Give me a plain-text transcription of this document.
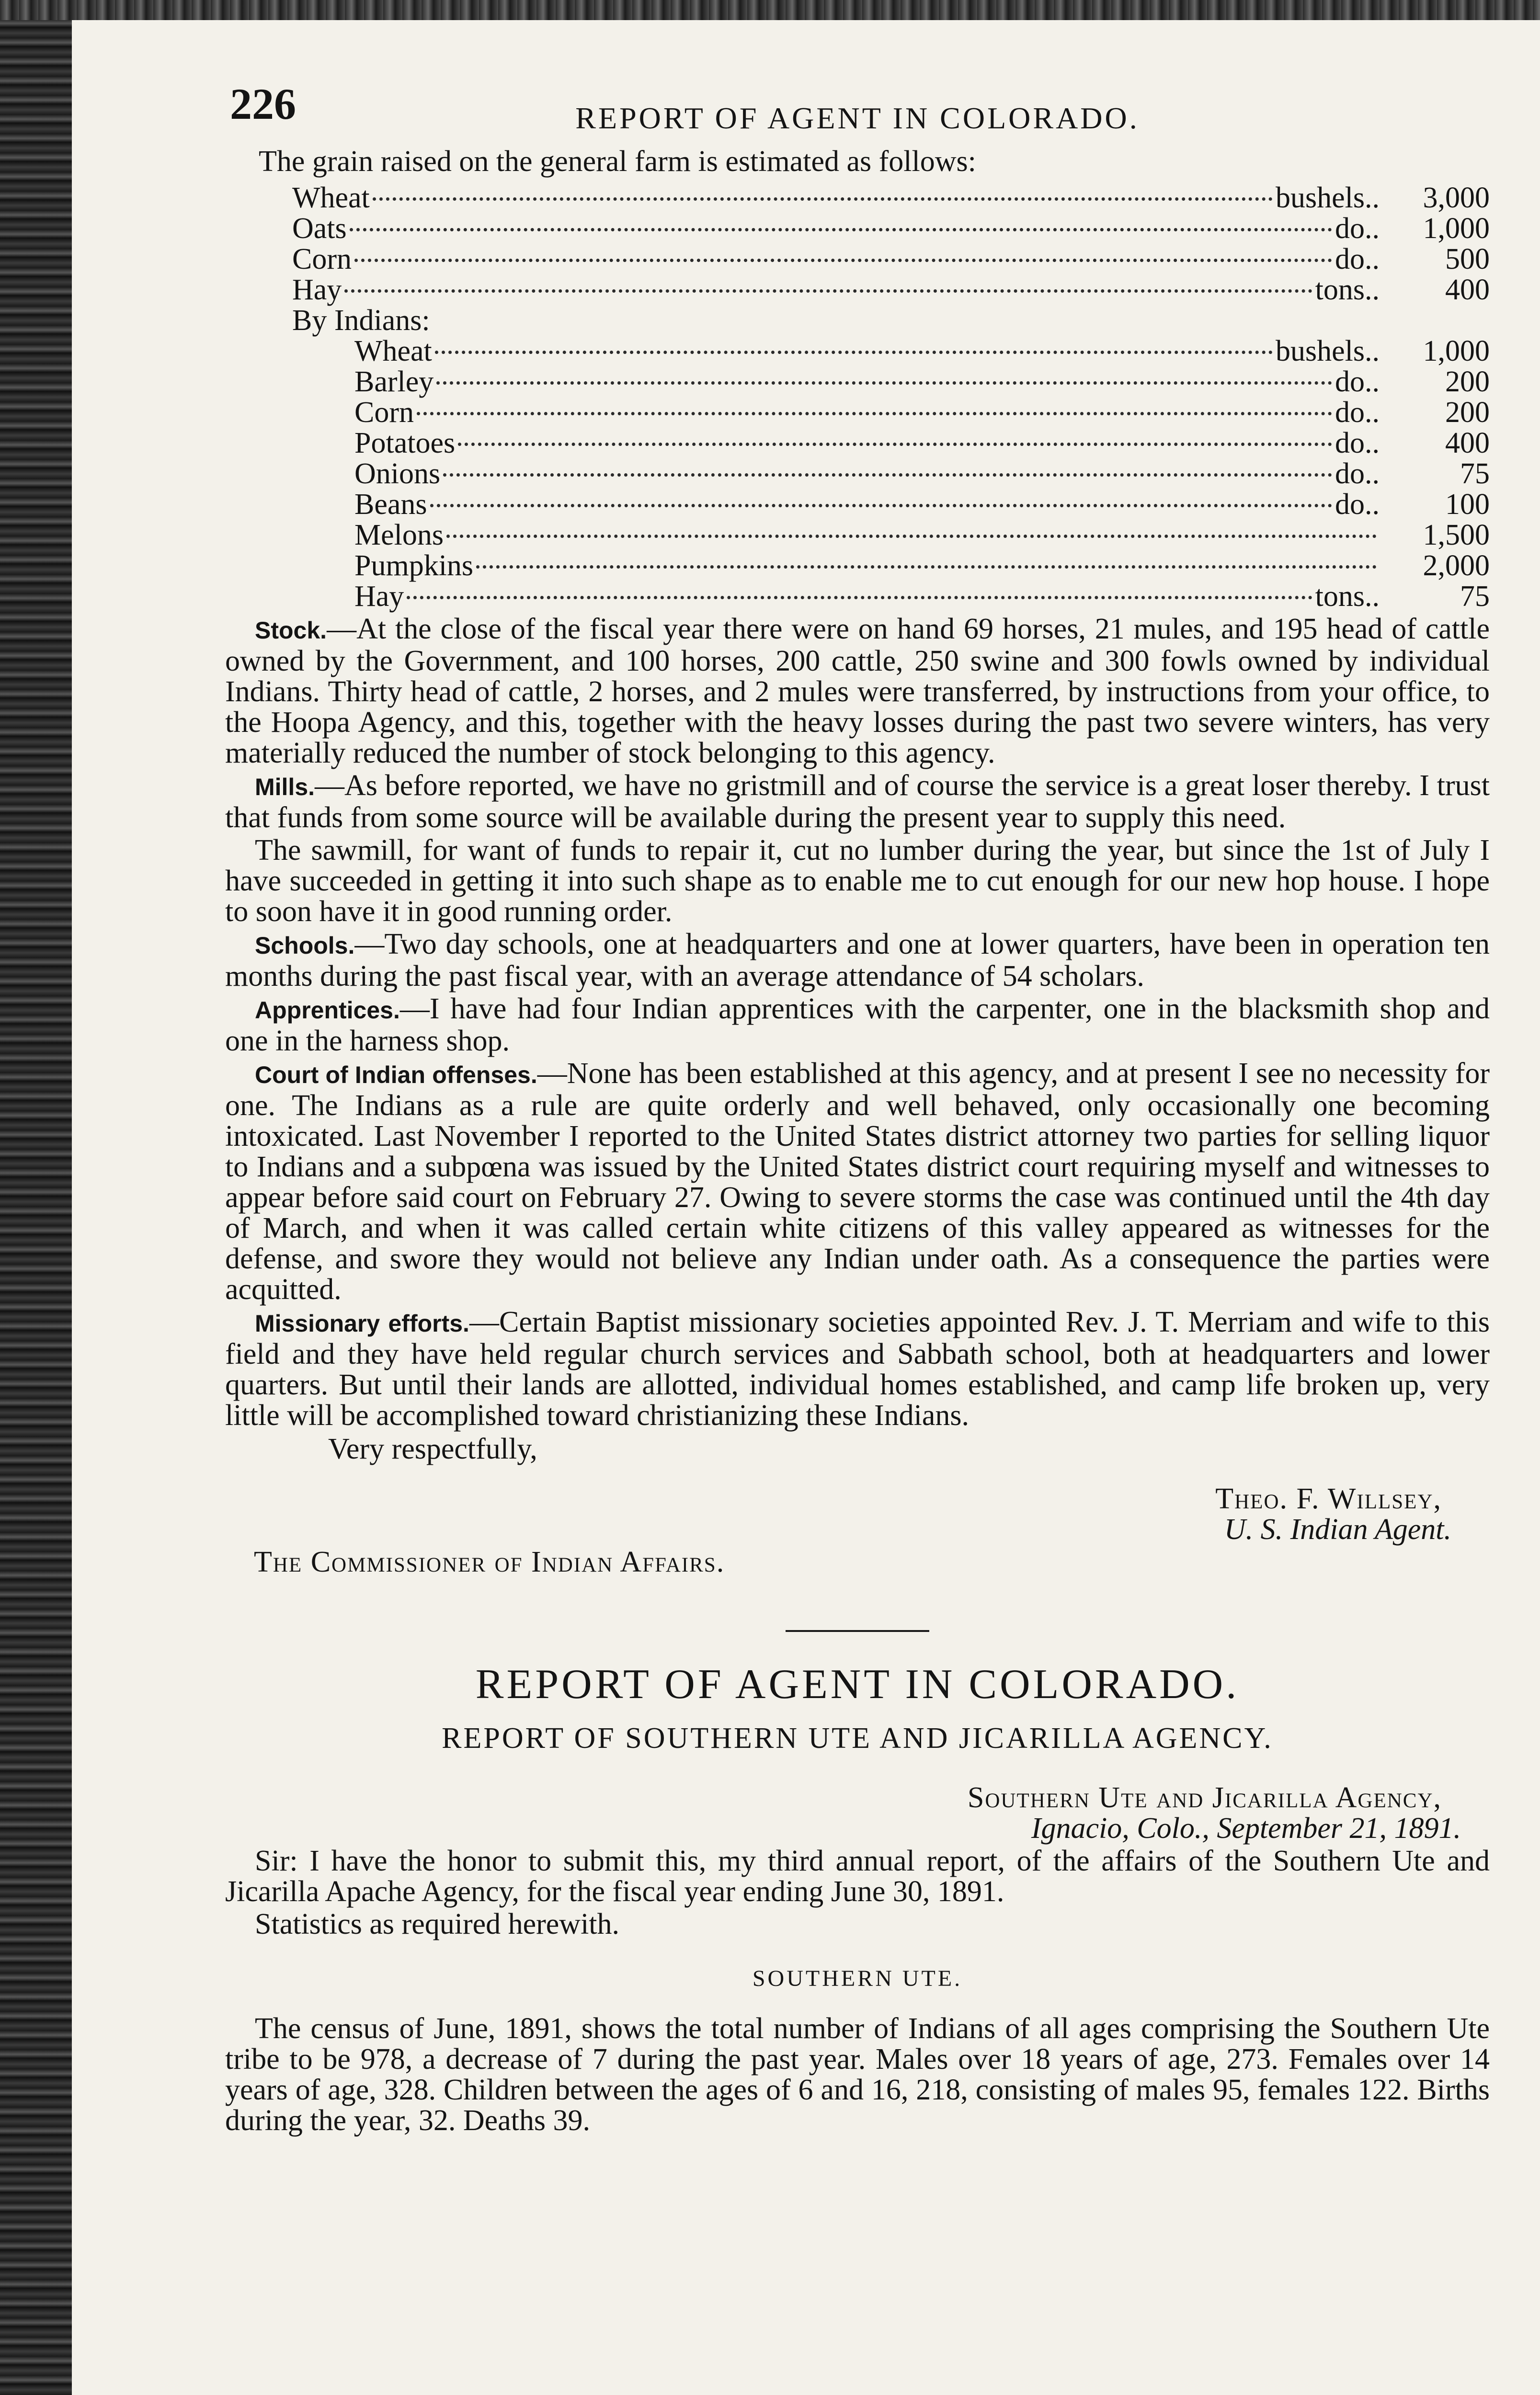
226	REPORT OF AGENT IN COLORADO.

The grain raised on the general farm is estimated as follows:

Wheat	bushels ..	3,000
Oats	do ..	1,000
Corn	do ..	500
Hay	tons ..	400
By Indians:
Wheat	bushels ..	1,000
Barley	do ..	200
Corn	do ..	200
Potatoes	do ..	400
Onions	do ..	75
Beans	do ..	100
Melons	1,500
Pumpkins	2,000
Hay	tons ..	75

Stock.—At the close of the fiscal year there were on hand 69 horses, 21 mules, and 195 head of cattle owned by the Government, and 100 horses, 200 cattle, 250 swine and 300 fowls owned by individual Indians. Thirty head of cattle, 2 horses, and 2 mules were transferred, by instructions from your office, to the Hoopa Agency, and this, together with the heavy losses during the past two severe winters, has very materially reduced the number of stock belonging to this agency.

Mills.—As before reported, we have no gristmill and of course the service is a great loser thereby. I trust that funds from some source will be available during the present year to supply this need.

The sawmill, for want of funds to repair it, cut no lumber during the year, but since the 1st of July I have succeeded in getting it into such shape as to enable me to cut enough for our new hop house. I hope to soon have it in good running order.

Schools.—Two day schools, one at headquarters and one at lower quarters, have been in operation ten months during the past fiscal year, with an average attendance of 54 scholars.

Apprentices.—I have had four Indian apprentices with the carpenter, one in the blacksmith shop and one in the harness shop.

Court of Indian offenses.—None has been established at this agency, and at present I see no necessity for one. The Indians as a rule are quite orderly and well behaved, only occasionally one becoming intoxicated. Last November I reported to the United States district attorney two parties for selling liquor to Indians and a subpœna was issued by the United States district court requiring myself and witnesses to appear before said court on February 27. Owing to severe storms the case was continued until the 4th day of March, and when it was called certain white citizens of this valley appeared as witnesses for the defense, and swore they would not believe any Indian under oath. As a consequence the parties were acquitted.

Missionary efforts.—Certain Baptist missionary societies appointed Rev. J. T. Merriam and wife to this field and they have held regular church services and Sabbath school, both at headquarters and lower quarters. But until their lands are allotted, individual homes established, and camp life broken up, very little will be accomplished toward christianizing these Indians.

Very respectfully,
Theo. F. Willsey,
U. S. Indian Agent.
The Commissioner of Indian Affairs.
REPORT OF AGENT IN COLORADO.
REPORT OF SOUTHERN UTE AND JICARILLA AGENCY.
Southern Ute and Jicarilla Agency,
Ignacio, Colo., September 21, 1891.

Sir: I have the honor to submit this, my third annual report, of the affairs of the Southern Ute and Jicarilla Apache Agency, for the fiscal year ending June 30, 1891.

Statistics as required herewith.

SOUTHERN UTE.

The census of June, 1891, shows the total number of Indians of all ages comprising the Southern Ute tribe to be 978, a decrease of 7 during the past year. Males over 18 years of age, 273. Females over 14 years of age, 328. Children between the ages of 6 and 16, 218, consisting of males 95, females 122. Births during the year, 32. Deaths 39.
